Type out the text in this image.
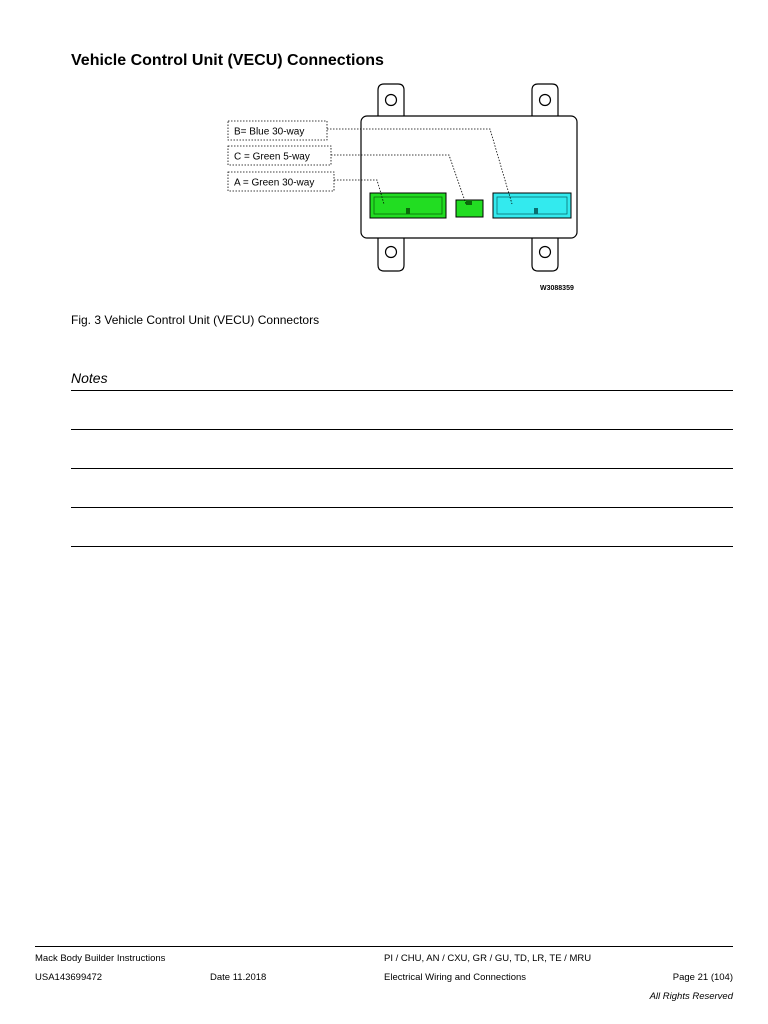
Vehicle Control Unit (VECU) Connections
B= Blue 30-way
C = Green 5-way
A = Green 30-way
W3088359
Fig. 3 Vehicle Control Unit (VECU) Connectors
Notes
Mack Body Builder Instructions
USA143699472	Date 11.2018
PI / CHU, AN / CXU, GR / GU, TD, LR, TE / MRU
Electrical Wiring and Connections	Page 21 (104)
All Rights Reserved
